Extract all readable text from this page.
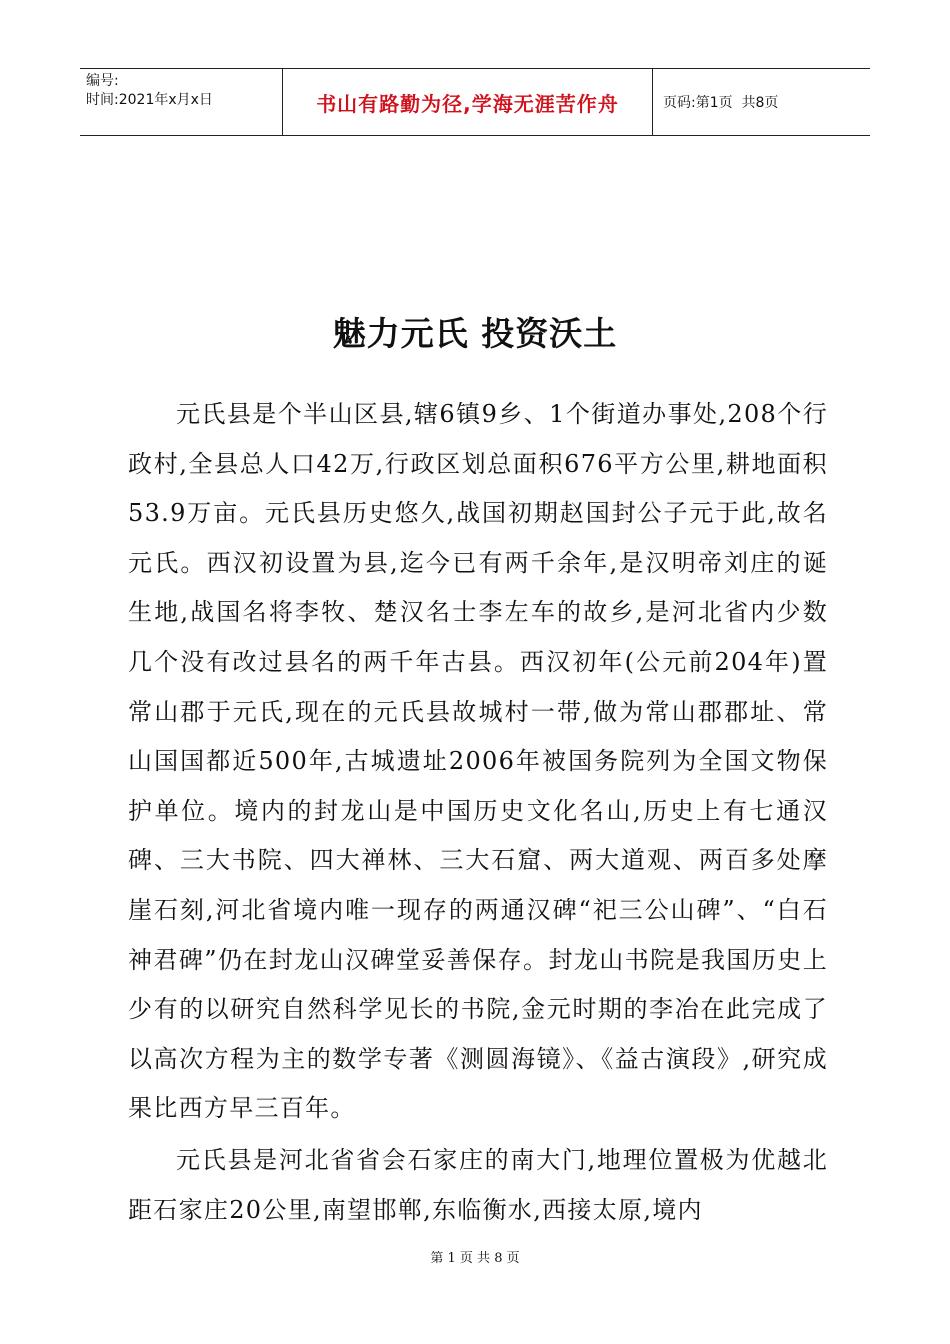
编号:
时间:2021年x月x日	书山有路勤为径,学海无涯苦作舟	页码:第1页  共8页
魅力元氏 投资沃土

元氏县是个半山区县,辖6镇9乡、1个街道办事处,208个行政村,全县总人口42万,行政区划总面积676平方公里,耕地面积53.9万亩。元氏县历史悠久,战国初期赵国封公子元于此,故名元氏。西汉初设置为县,迄今已有两千余年,是汉明帝刘庄的诞生地,战国名将李牧、楚汉名士李左车的故乡,是河北省内少数几个没有改过县名的两千年古县。西汉初年(公元前204年)置常山郡于元氏,现在的元氏县故城村一带,做为常山郡郡址、常山国国都近500年,古城遗址2006年被国务院列为全国文物保护单位。境内的封龙山是中国历史文化名山,历史上有七通汉碑、三大书院、四大禅林、三大石窟、两大道观、两百多处摩崖石刻,河北省境内唯一现存的两通汉碑“祀三公山碑”、“白石神君碑”仍在封龙山汉碑堂妥善保存。封龙山书院是我国历史上少有的以研究自然科学见长的书院,金元时期的李冶在此完成了以高次方程为主的数学专著《测圆海镜》、《益古演段》,研究成果比西方早三百年。

元氏县是河北省省会石家庄的南大门,地理位置极为优越北距石家庄20公里,南望邯郸,东临衡水,西接太原,境内

第 1 页 共 8 页
